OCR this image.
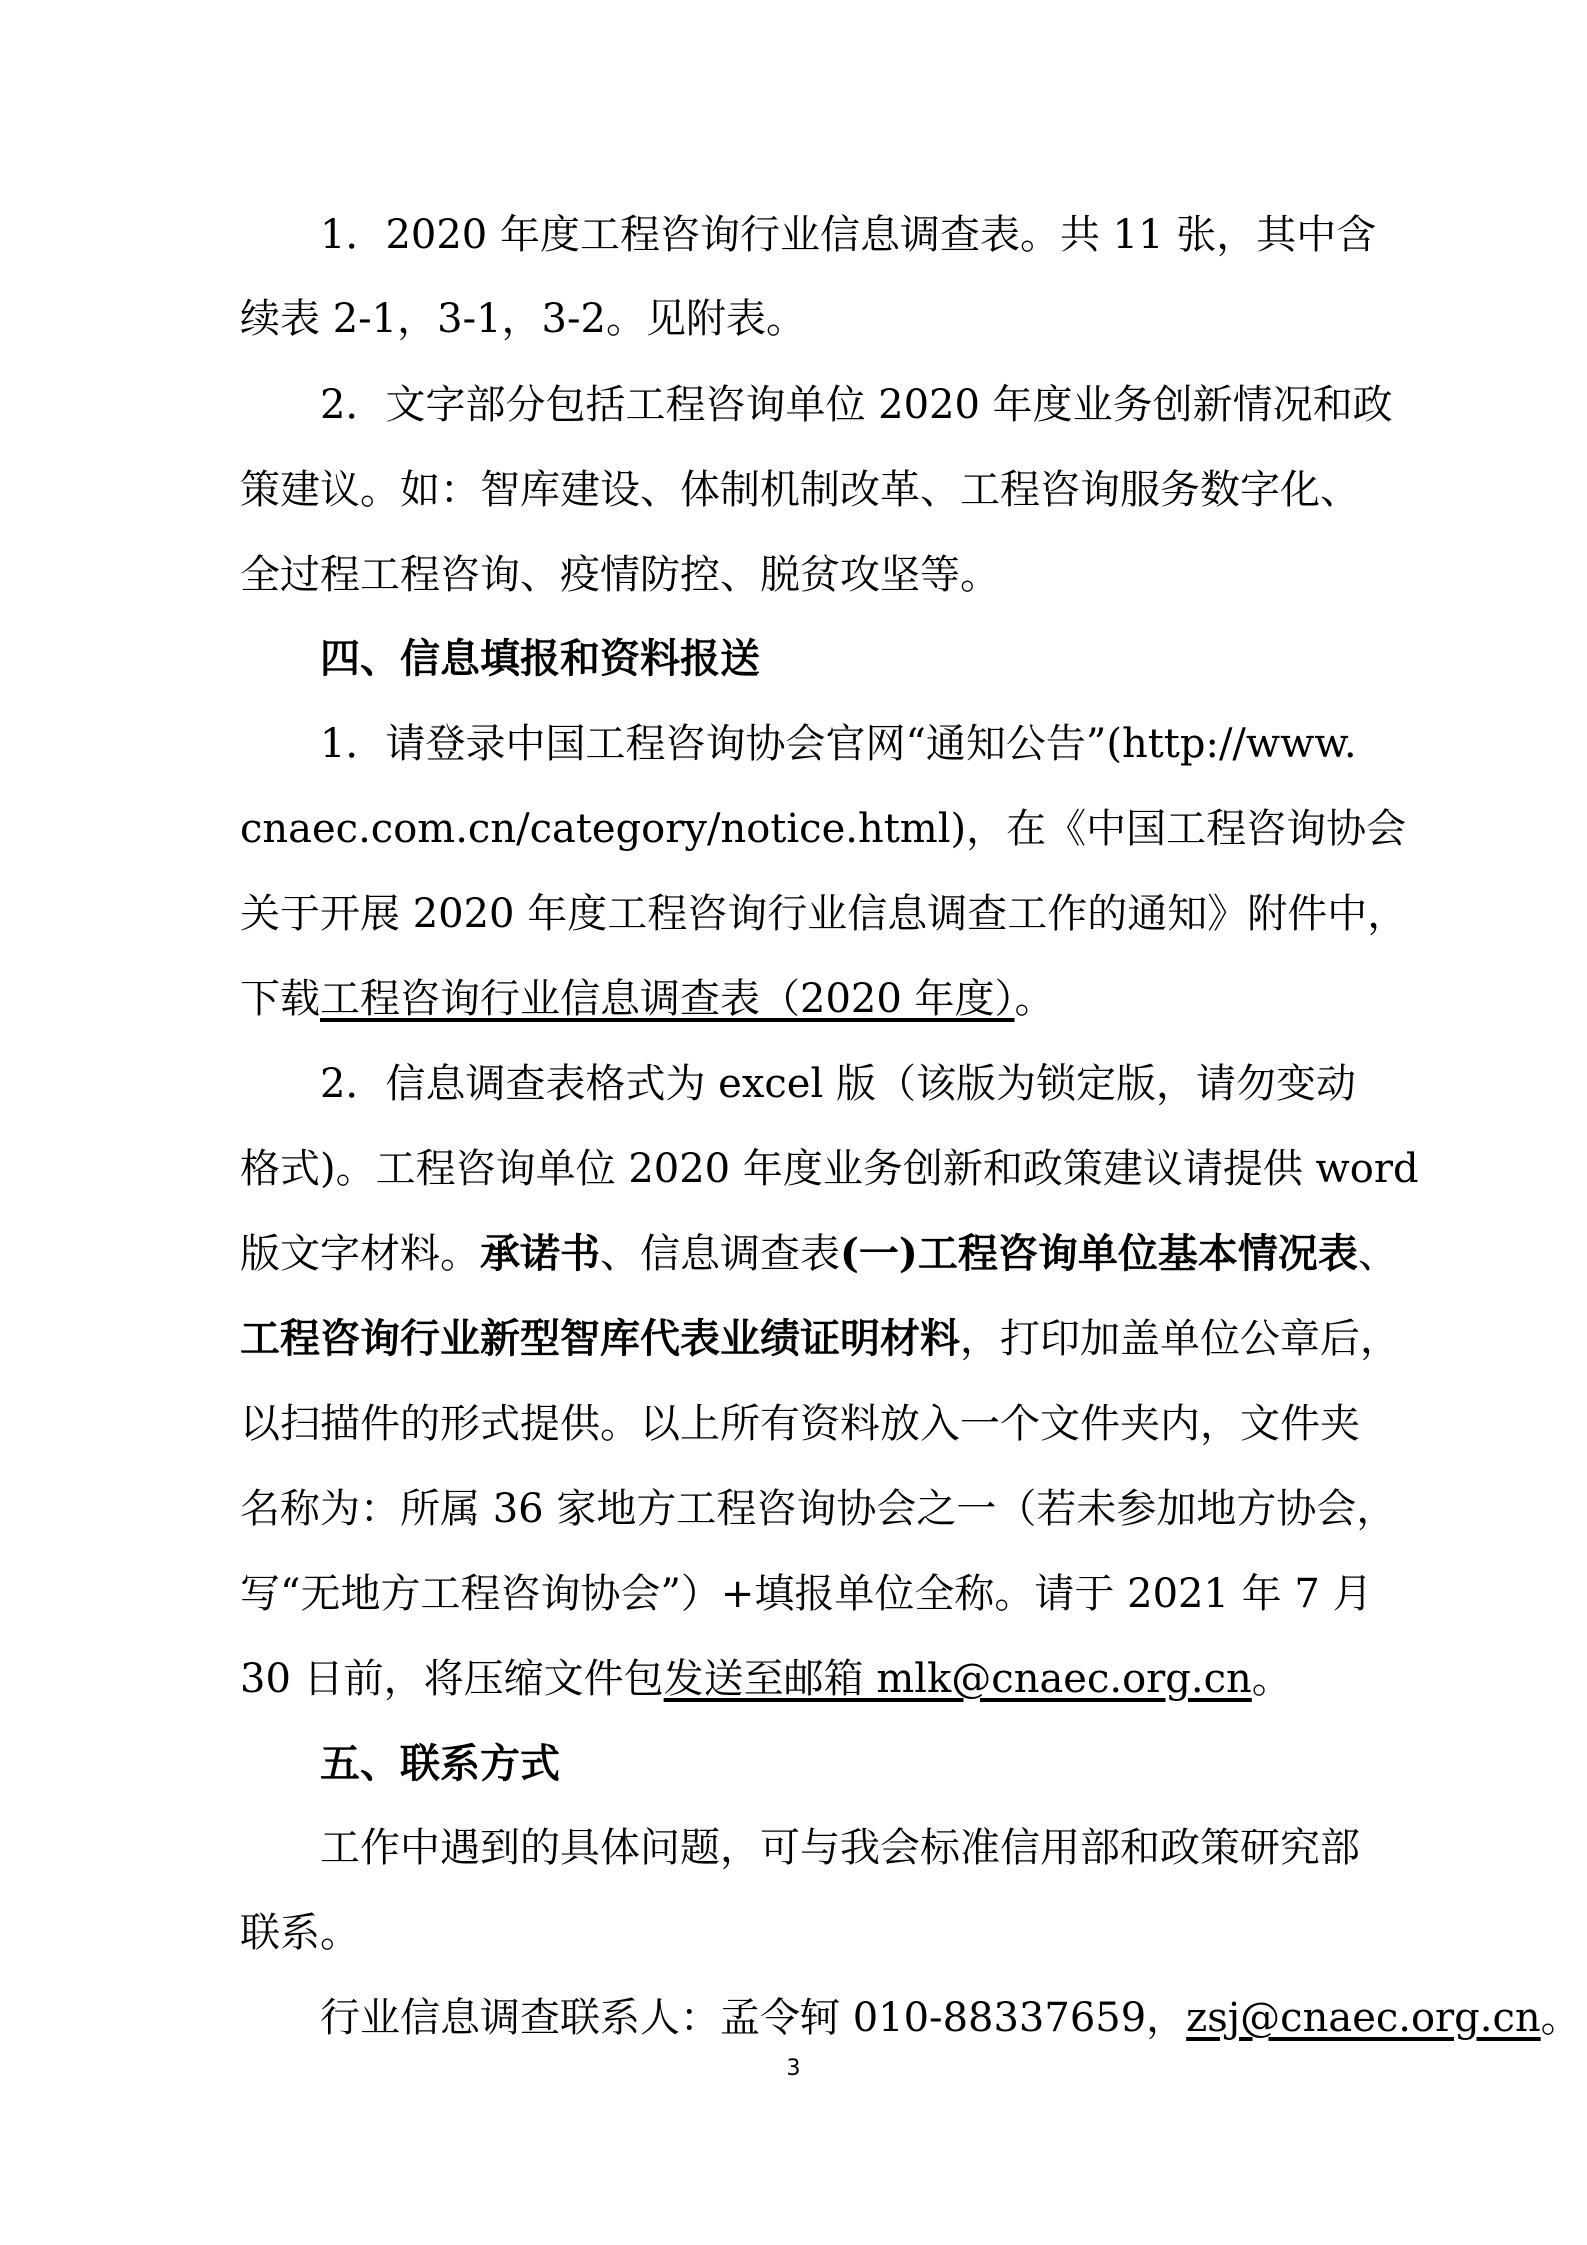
1．2020 年度工程咨询行业信息调查表。共 11 张，其中含
续表 2-1，3-1，3-2。见附表。
2．文字部分包括工程咨询单位 2020 年度业务创新情况和政
策建议。如：智库建设、体制机制改革、工程咨询服务数字化、
全过程工程咨询、疫情防控、脱贫攻坚等。
四、信息填报和资料报送
1．请登录中国工程咨询协会官网“通知公告”(http://www.
cnaec.com.cn/category/notice.html)，在《中国工程咨询协会
关于开展 2020 年度工程咨询行业信息调查工作的通知》附件中，
下载工程咨询行业信息调查表（2020 年度）。
2．信息调查表格式为 excel 版（该版为锁定版，请勿变动
格式)。工程咨询单位 2020 年度业务创新和政策建议请提供 word
版文字材料。承诺书、信息调查表(一)工程咨询单位基本情况表、
工程咨询行业新型智库代表业绩证明材料，打印加盖单位公章后，
以扫描件的形式提供。以上所有资料放入一个文件夹内，文件夹
名称为：所属 36 家地方工程咨询协会之一（若未参加地方协会，
写“无地方工程咨询协会”）+填报单位全称。请于 2021 年 7 月
30 日前，将压缩文件包发送至邮箱 mlk@cnaec.org.cn。
五、联系方式
工作中遇到的具体问题，可与我会标准信用部和政策研究部
联系。
行业信息调查联系人：孟令轲 010-88337659，zsj@cnaec.org.cn。
3
